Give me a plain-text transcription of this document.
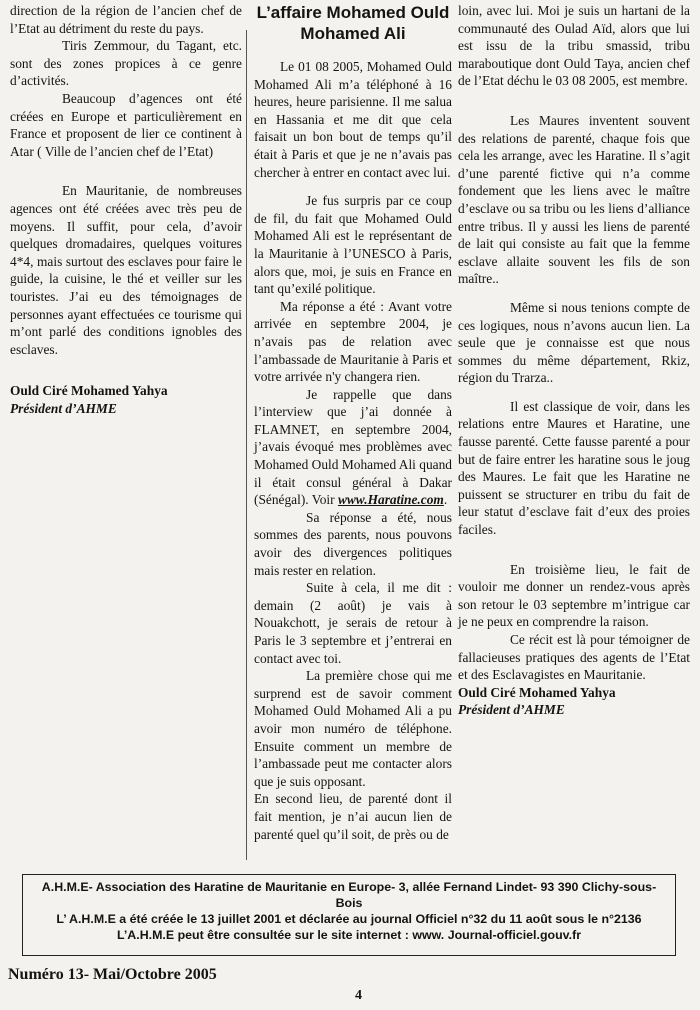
direction de la région de l’ancien chef de l’Etat au détriment du reste du pays.

Tiris Zemmour, du Tagant, etc. sont des zones propices à ce genre d’activités.

Beaucoup d’agences ont été créées en Europe et particulièrement en France et proposent de lier ce continent à Atar ( Ville de l’ancien chef de l’Etat)

En Mauritanie, de nombreuses agences ont été créées avec très peu de moyens. Il suffit, pour cela, d’avoir quelques dromadaires, quelques voitures 4*4, mais surtout des esclaves pour faire le guide, la cuisine, le thé et veiller sur les touristes. J’ai eu des témoignages de personnes ayant effectuées ce tourisme qui m’ont parlé des conditions ignobles des esclaves.

Ould Ciré Mohamed Yahya

Président d’AHME

L’affaire Mohamed Ould Mohamed Ali

Le 01 08 2005, Mohamed Ould Mohamed Ali m’a téléphoné à 16 heures, heure parisienne. Il me salua en Hassania et me dit que cela faisait un bon bout de temps qu’il était à Paris et que je ne n’avais pas chercher à entrer en contact avec lui.

Je fus surpris par ce coup de fil, du fait que Mohamed Ould Mohamed Ali est le représentant de la Mauritanie à l’UNESCO à Paris, alors que, moi, je suis en France en tant qu’exilé politique.

Ma réponse a été : Avant votre arrivée en septembre 2004, je n’avais pas de relation avec l’ambassade de Mauritanie à Paris et votre arrivée n'y changera rien.

Je rappelle que dans l’interview que j’ai donnée à FLAMNET, en septembre 2004, j’avais évoqué mes problèmes avec Mohamed Ould Mohamed Ali quand il était consul général à Dakar (Sénégal). Voir www.Haratine.com.

Sa réponse a été, nous sommes des parents, nous pouvons avoir des divergences politiques mais rester en relation.

Suite à cela, il me dit : demain (2 août) je vais à Nouakchott, je serais de retour à Paris le 3 septembre et j’entrerai en contact avec toi.

La première chose qui me surprend est de savoir comment Mohamed Ould Mohamed Ali a pu avoir mon numéro de téléphone. Ensuite comment un membre de l’ambassade peut me contacter alors que je suis opposant.

En second lieu, de parenté dont il fait mention, je n’ai aucun lien de parenté quel qu’il soit, de près ou de

loin, avec lui. Moi je suis un hartani de la communauté des Oulad Aïd, alors que lui est issu de la tribu smassid, tribu maraboutique dont Ould Taya, ancien chef de l’Etat déchu le 03 08 2005, est membre.

Les Maures inventent souvent des relations de parenté, chaque fois que cela les arrange, avec les Haratine. Il s’agit d’une parenté fictive qui n’a comme fondement que les liens avec le maître d’esclave ou sa tribu ou les liens d’alliance entre tribus. Il y aussi les liens de parenté de lait qui consiste au fait que la femme esclave allaite souvent les fils de son maître..

Même si nous tenions compte de ces logiques, nous n’avons aucun lien. La seule que je connaisse est que nous sommes du même département, Rkiz, région du Trarza..

Il est classique de voir, dans les relations entre Maures et Haratine, une fausse parenté. Cette fausse parenté a pour but de faire entrer les haratine sous le joug des Maures. Le fait que les Haratine ne puissent se structurer en tribu du fait de leur statut d’esclave fait d’eux des proies faciles.

En troisième lieu, le fait de vouloir me donner un rendez-vous après son retour le 03 septembre m’intrigue car je ne peux en comprendre la raison.

Ce récit est là pour témoigner de fallacieuses pratiques des agents de l’Etat et des Esclavagistes en Mauritanie.

Ould Ciré Mohamed Yahya

Président d’AHME

A.H.M.E- Association des Haratine de Mauritanie en Europe- 3, allée Fernand Lindet- 93 390 Clichy-sous-Bois
L’ A.H.M.E a été créée le 13 juillet 2001 et déclarée au journal Officiel n°32 du 11 août sous le n°2136
L’A.H.M.E peut être consultée sur le site internet : www. Journal-officiel.gouv.fr
Numéro 13- Mai/Octobre 2005
4
